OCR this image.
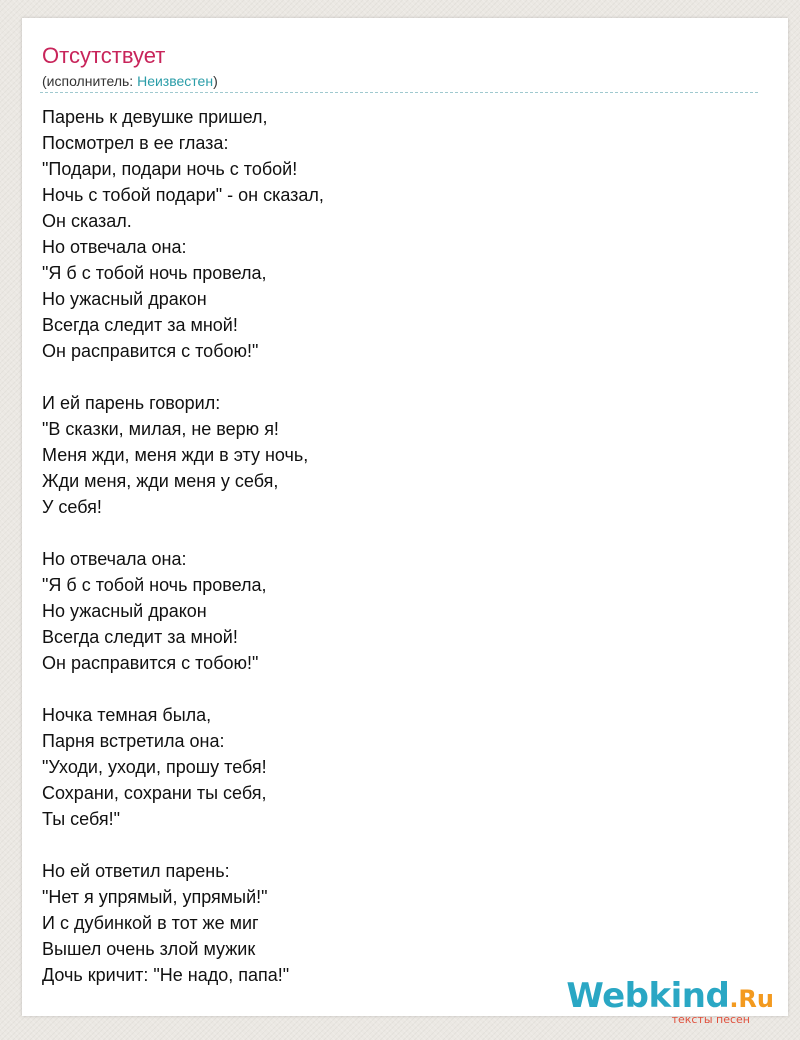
Отсутствует
(исполнитель: Неизвестен)
Парень к девушке пришел,
Посмотрел в ее глаза:
"Подари, подари ночь с тобой!
Ночь с тобой подари" - он сказал,
Он сказал.
Но отвечала она:
"Я б с тобой ночь провела,
Но ужасный дракон
Всегда следит за мной!
Он расправится с тобою!"
И ей парень говорил:
"В сказки, милая, не верю я!
Меня жди, меня жди в эту ночь,
Жди меня, жди меня у себя,
У себя!
Но отвечала она:
"Я б с тобой ночь провела,
Но ужасный дракон
Всегда следит за мной!
Он расправится с тобою!"
Ночка темная была,
Парня встретила она:
"Уходи, уходи, прошу тебя!
Сохрани, сохрани ты себя,
Ты себя!"
Но ей ответил парень:
"Нет я упрямый, упрямый!"
И с дубинкой в тот же миг
Вышел очень злой мужик
Дочь кричит: "Не надо, папа!"
Webkind.Ru
тексты песен
